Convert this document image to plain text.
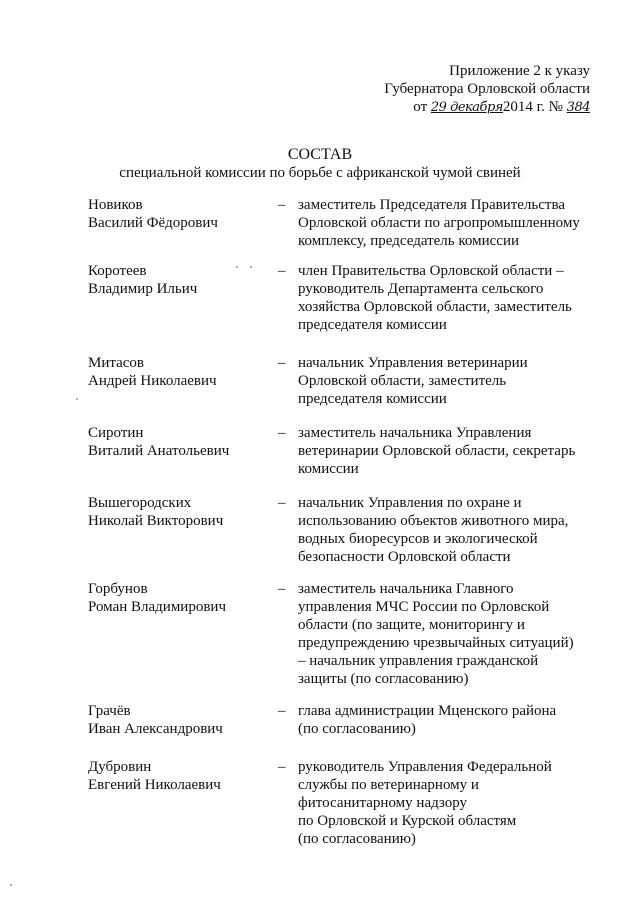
Приложение 2 к указу
Губернатора Орловской области
от 29 декабря2014 г. № 384
СОСТАВ
специальной комиссии по борьбе с африканской чумой свиней
Новиков
Василий Фёдорович
– заместитель Председателя Правительства
Орловской области по агропромышленному
комплексу, председатель комиссии
Коротеев
Владимир Ильич
– член Правительства Орловской области –
руководитель Департамента сельского
хозяйства Орловской области, заместитель
председателя комиссии
Митасов
Андрей Николаевич
– начальник Управления ветеринарии
Орловской области, заместитель
председателя комиссии
Сиротин
Виталий Анатольевич
– заместитель начальника Управления
ветеринарии Орловской области, секретарь
комиссии
Вышегородских
Николай Викторович
– начальник Управления по охране и
использованию объектов животного мира,
водных биоресурсов и экологической
безопасности Орловской области
Горбунов
Роман Владимирович
– заместитель начальника Главного
управления МЧС России по Орловской
области (по защите, мониторингу и
предупреждению чрезвычайных ситуаций)
– начальник управления гражданской
защиты (по согласованию)
Грачёв
Иван Александрович
– глава администрации Мценского района
(по согласованию)
Дубровин
Евгений Николаевич
– руководитель Управления Федеральной
службы по ветеринарному и
фитосанитарному надзору
по Орловской и Курской областям
(по согласованию)
